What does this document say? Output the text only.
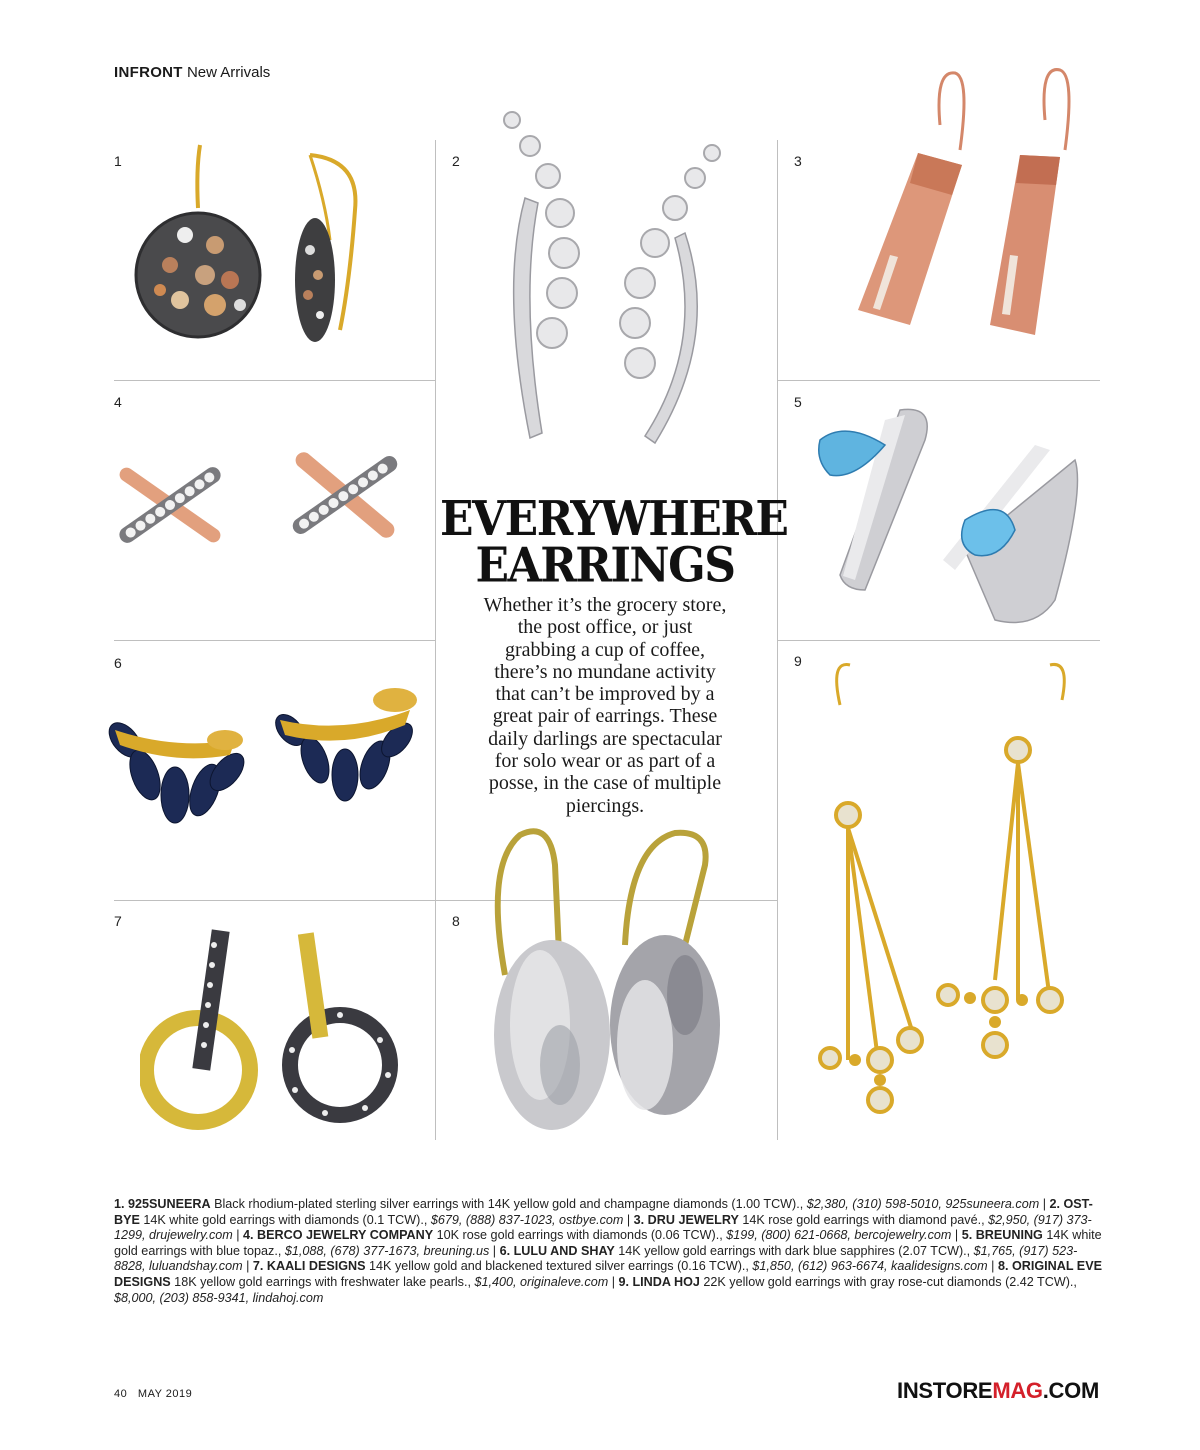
INFRONT New Arrivals
1	2	3
4	5
6	9
7	8
EVERYWHERE
EARRINGS

Whether it’s the grocery store, the post office, or just grabbing a cup of coffee, there’s no mundane activity that can’t be improved by a great pair of earrings. These daily darlings are spectacular for solo wear or as part of a posse, in the case of multiple piercings.

1. 925SUNEERA Black rhodium-plated sterling silver earrings with 14K yellow gold and champagne diamonds (1.00 TCW)., $2,380, (310) 598-5010, 925suneera.com | 2. OST-BYE 14K white gold earrings with diamonds (0.1 TCW)., $679, (888) 837-1023, ostbye.com | 3. DRU JEWELRY 14K rose gold earrings with diamond pavé., $2,950, (917) 373-1299, drujewelry.com | 4. BERCO JEWELRY COMPANY 10K rose gold earrings with diamonds (0.06 TCW)., $199, (800) 621-0668, bercojewelry.com | 5. BREUNING 14K white gold earrings with blue topaz., $1,088, (678) 377-1673, breuning.us | 6. LULU AND SHAY 14K yellow gold earrings with dark blue sapphires (2.07 TCW)., $1,765, (917) 523-8828, luluandshay.com | 7. KAALI DESIGNS 14K yellow gold and blackened textured silver earrings (0.16 TCW)., $1,850, (612) 963-6674, kaalidesigns.com | 8. ORIGINAL EVE DESIGNS 18K yellow gold earrings with freshwater lake pearls., $1,400, originaleve.com | 9. LINDA HOJ 22K yellow gold earrings with gray rose-cut diamonds (2.42 TCW)., $8,000, (203) 858-9341, lindahoj.com
40 MAY 2019	INSTOREMAG.COM
